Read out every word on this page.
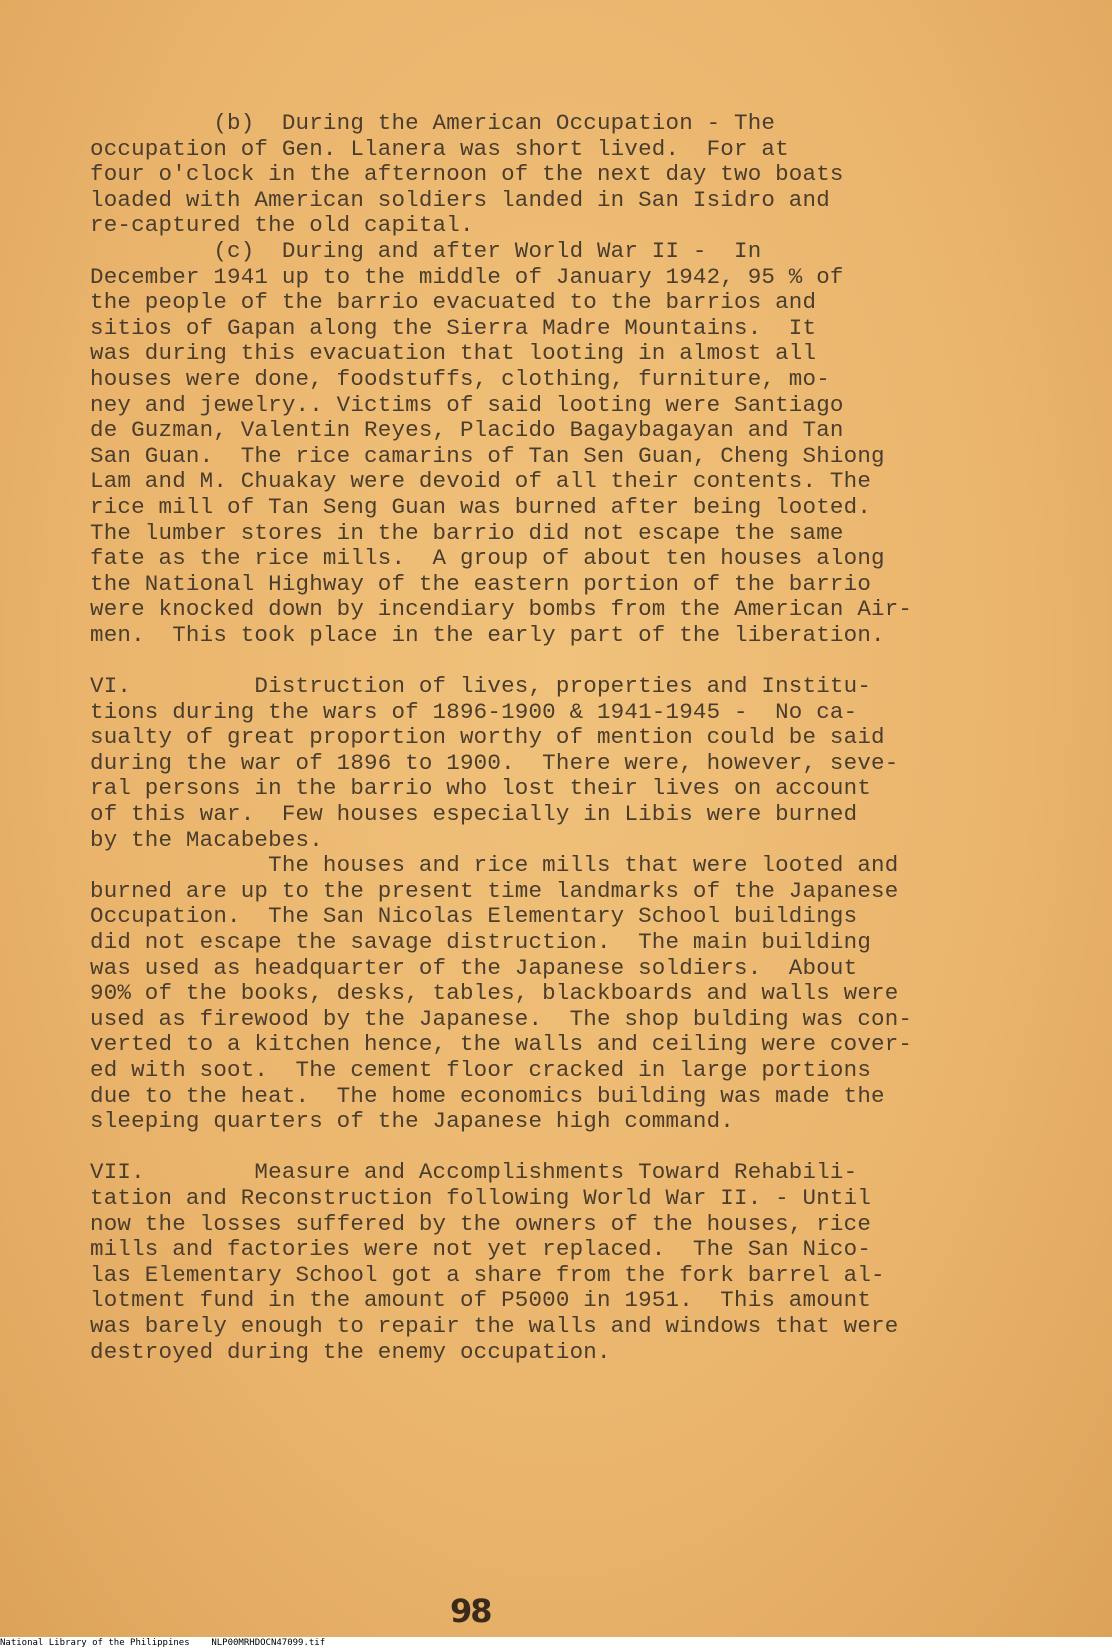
(b)  During the American Occupation - The
occupation of Gen. Llanera was short lived.  For at
four o'clock in the afternoon of the next day two boats
loaded with American soldiers landed in San Isidro and
re-captured the old capital.
(c)  During and after World War II -  In
December 1941 up to the middle of January 1942, 95 % of
the people of the barrio evacuated to the barrios and
sitios of Gapan along the Sierra Madre Mountains.  It
was during this evacuation that looting in almost all
houses were done, foodstuffs, clothing, furniture, mo-
ney and jewelry.. Victims of said looting were Santiago
de Guzman, Valentin Reyes, Placido Bagaybagayan and Tan
San Guan.  The rice camarins of Tan Sen Guan, Cheng Shiong
Lam and M. Chuakay were devoid of all their contents. The
rice mill of Tan Seng Guan was burned after being looted.
The lumber stores in the barrio did not escape the same
fate as the rice mills.  A group of about ten houses along
the National Highway of the eastern portion of the barrio
were knocked down by incendiary bombs from the American Air-
men.  This took place in the early part of the liberation.
VI.         Distruction of lives, properties and Institu-
tions during the wars of 1896-1900 & 1941-1945 -  No ca-
sualty of great proportion worthy of mention could be said
during the war of 1896 to 1900.  There were, however, seve-
ral persons in the barrio who lost their lives on account
of this war.  Few houses especially in Libis were burned
by the Macabebes.
The houses and rice mills that were looted and
burned are up to the present time landmarks of the Japanese
Occupation.  The San Nicolas Elementary School buildings
did not escape the savage distruction.  The main building
was used as headquarter of the Japanese soldiers.  About
90% of the books, desks, tables, blackboards and walls were
used as firewood by the Japanese.  The shop bulding was con-
verted to a kitchen hence, the walls and ceiling were cover-
ed with soot.  The cement floor cracked in large portions
due to the heat.  The home economics building was made the
sleeping quarters of the Japanese high command.
VII.        Measure and Accomplishments Toward Rehabili-
tation and Reconstruction following World War II. - Until
now the losses suffered by the owners of the houses, rice
mills and factories were not yet replaced.  The San Nico-
las Elementary School got a share from the fork barrel al-
lotment fund in the amount of P5000 in 1951.  This amount
was barely enough to repair the walls and windows that were
destroyed during the enemy occupation.
98
National Library of the Philippines NLP00MRHDOCN47099.tif
